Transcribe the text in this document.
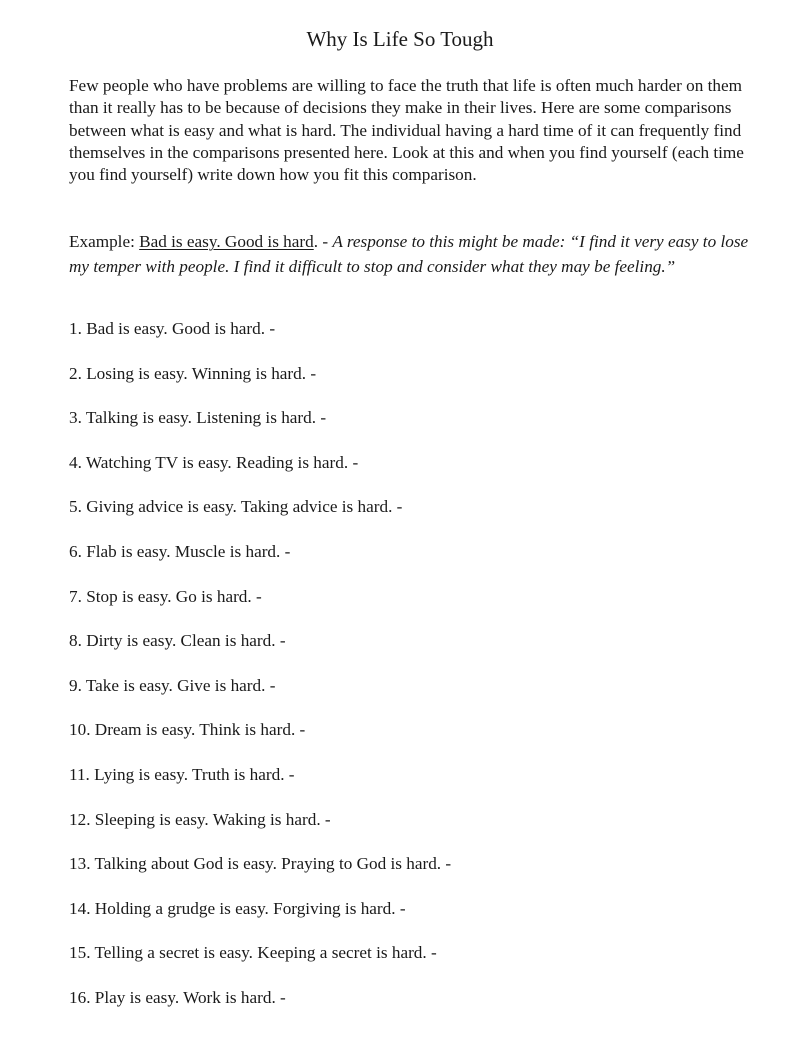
Why Is Life So Tough
Few people who have problems are willing to face the truth that life is often much harder on them than it really has to be because of decisions they make in their lives. Here are some comparisons between what is easy and what is hard. The individual having a hard time of it can frequently find themselves in the comparisons presented here. Look at this and when you find yourself (each time you find yourself) write down how you fit this comparison.
Example: Bad is easy. Good is hard. - A response to this might be made: “I find it very easy to lose my temper with people. I find it difficult to stop and consider what they may be feeling.”
1. Bad is easy. Good is hard. -
2. Losing is easy. Winning is hard. -
3. Talking is easy. Listening is hard. -
4. Watching TV is easy. Reading is hard. -
5. Giving advice is easy. Taking advice is hard. -
6. Flab is easy. Muscle is hard. -
7. Stop is easy. Go is hard. -
8. Dirty is easy. Clean is hard. -
9. Take is easy. Give is hard. -
10. Dream is easy. Think is hard. -
11. Lying is easy. Truth is hard. -
12. Sleeping is easy. Waking is hard. -
13. Talking about God is easy. Praying to God is hard. -
14. Holding a grudge is easy. Forgiving is hard. -
15. Telling a secret is easy. Keeping a secret is hard. -
16. Play is easy. Work is hard. -
